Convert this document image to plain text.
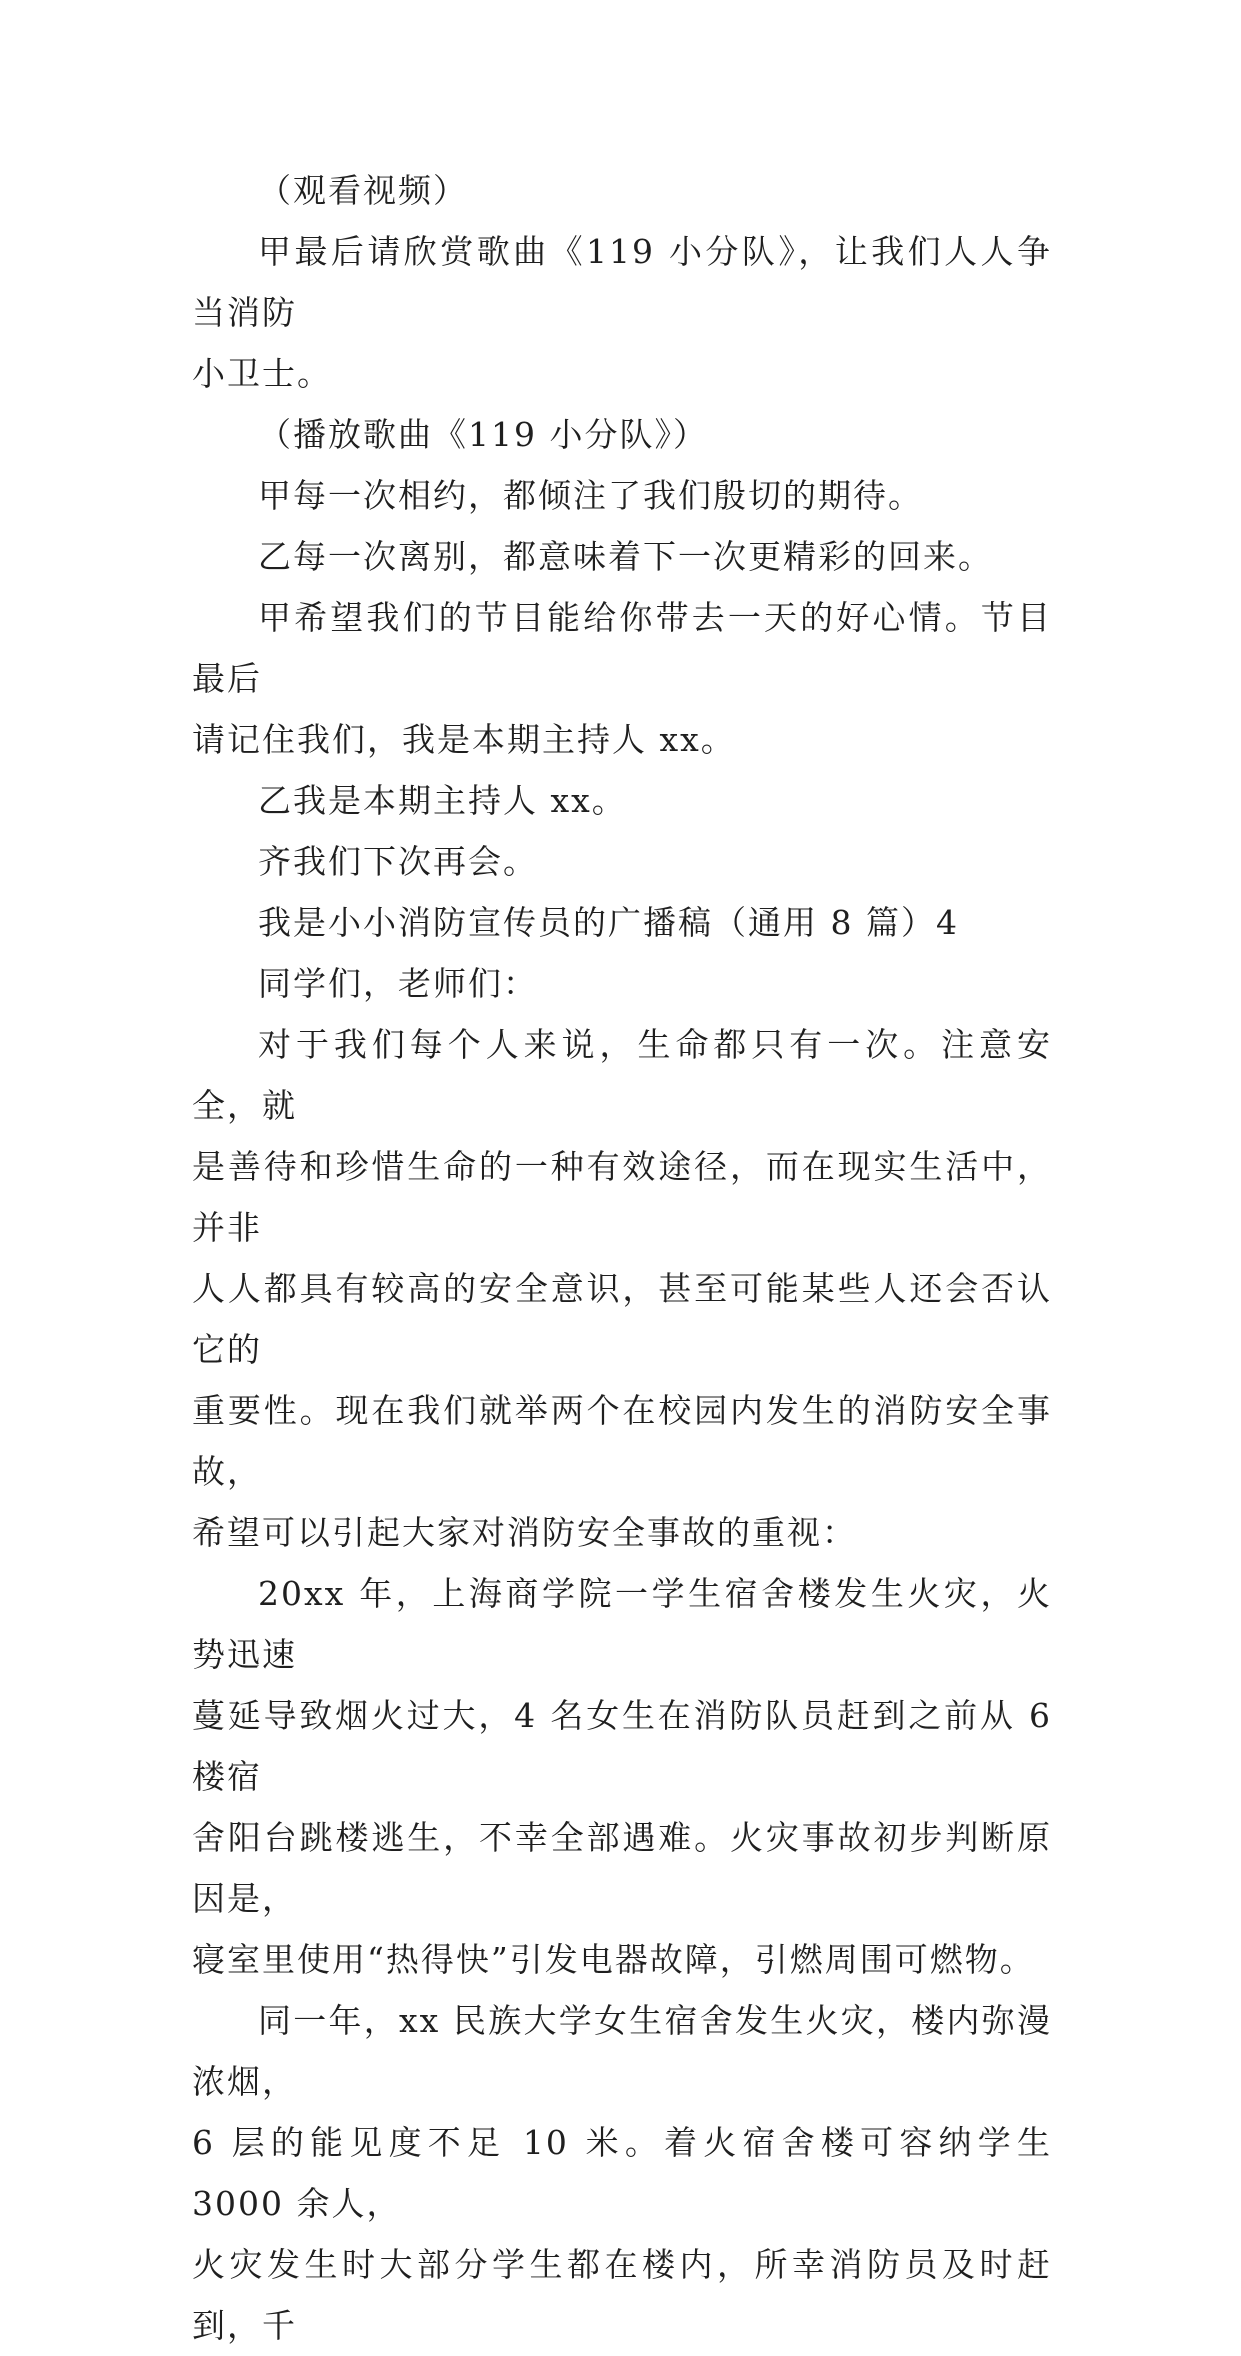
（观看视频）

甲最后请欣赏歌曲《119 小分队》，让我们人人争当消防
小卫士。

（播放歌曲《119 小分队》）

甲每一次相约，都倾注了我们殷切的期待。

乙每一次离别，都意味着下一次更精彩的回来。

甲希望我们的节目能给你带去一天的好心情。节目最后
请记住我们，我是本期主持人 xx。

乙我是本期主持人 xx。

齐我们下次再会。

我是小小消防宣传员的广播稿（通用 8 篇）4

同学们，老师们：

对于我们每个人来说，生命都只有一次。注意安全，就
是善待和珍惜生命的一种有效途径，而在现实生活中，并非
人人都具有较高的安全意识，甚至可能某些人还会否认它的
重要性。现在我们就举两个在校园内发生的消防安全事故，
希望可以引起大家对消防安全事故的重视：

20xx 年，上海商学院一学生宿舍楼发生火灾，火势迅速
蔓延导致烟火过大，4 名女生在消防队员赶到之前从 6 楼宿
舍阳台跳楼逃生，不幸全部遇难。火灾事故初步判断原因是，
寝室里使用“热得快”引发电器故障，引燃周围可燃物。

同一年，xx 民族大学女生宿舍发生火灾，楼内弥漫浓烟，
6 层的能见度不足 10 米。着火宿舍楼可容纳学生 3000 余人，
火灾发生时大部分学生都在楼内，所幸消防员及时赶到，千
